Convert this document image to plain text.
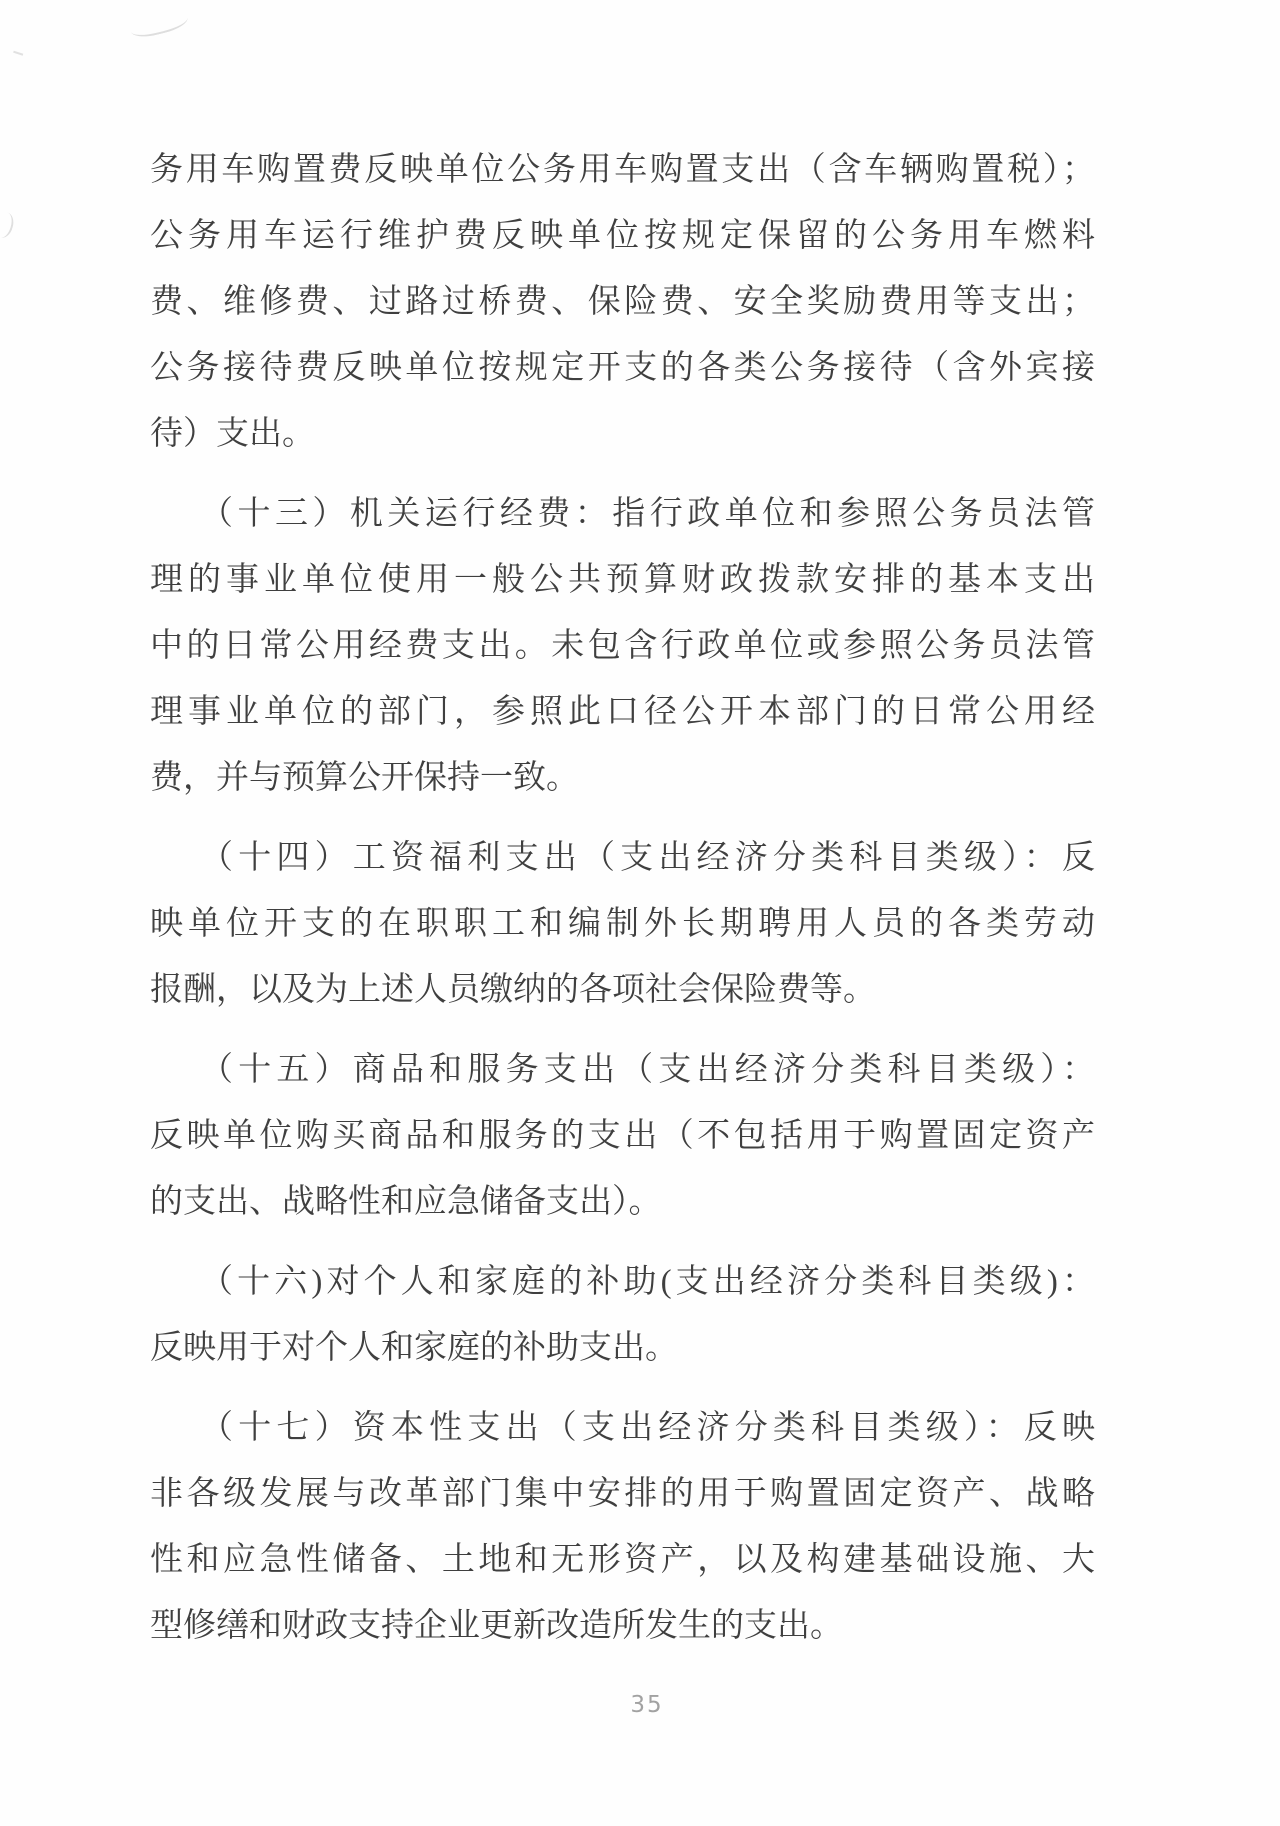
务用车购置费反映单位公务用车购置支出（含车辆购置税）；
公务用车运行维护费反映单位按规定保留的公务用车燃料
费、维修费、过路过桥费、保险费、安全奖励费用等支出；
公务接待费反映单位按规定开支的各类公务接待（含外宾接
待）支出。

（十三）机关运行经费：指行政单位和参照公务员法管
理的事业单位使用一般公共预算财政拨款安排的基本支出
中的日常公用经费支出。未包含行政单位或参照公务员法管
理事业单位的部门，参照此口径公开本部门的日常公用经
费，并与预算公开保持一致。

（十四）工资福利支出（支出经济分类科目类级）：反
映单位开支的在职职工和编制外长期聘用人员的各类劳动
报酬，以及为上述人员缴纳的各项社会保险费等。

（十五）商品和服务支出（支出经济分类科目类级）：
反映单位购买商品和服务的支出（不包括用于购置固定资产
的支出、战略性和应急储备支出）。

（十六)对个人和家庭的补助(支出经济分类科目类级)：
反映用于对个人和家庭的补助支出。

（十七）资本性支出（支出经济分类科目类级）：反映
非各级发展与改革部门集中安排的用于购置固定资产、战略
性和应急性储备、土地和无形资产，以及构建基础设施、大
型修缮和财政支持企业更新改造所发生的支出。

35
